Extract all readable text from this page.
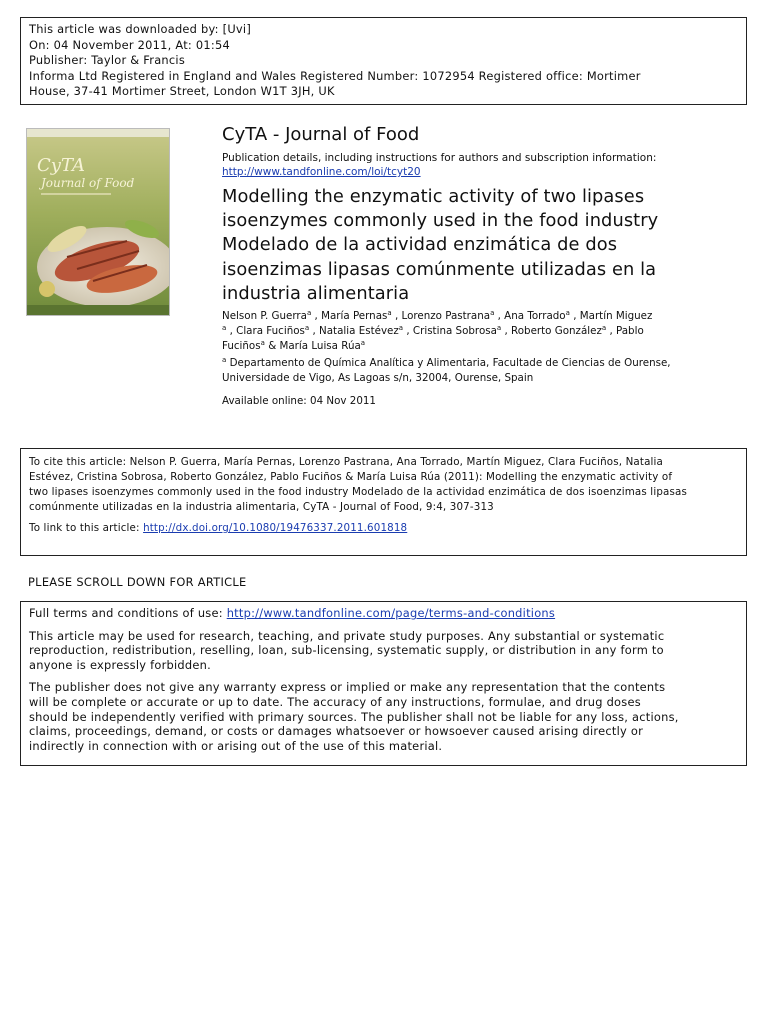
This article was downloaded by: [Uvi]
On: 04 November 2011, At: 01:54
Publisher: Taylor & Francis
Informa Ltd Registered in England and Wales Registered Number: 1072954 Registered office: Mortimer
House, 37-41 Mortimer Street, London W1T 3JH, UK
CyTA
Journal of Food
CyTA - Journal of Food
Publication details, including instructions for authors and subscription information:
http://www.tandfonline.com/loi/tcyt20
Modelling the enzymatic activity of two lipases
isoenzymes commonly used in the food industry
Modelado de la actividad enzimática de dos
isoenzimas lipasas comúnmente utilizadas en la
industria alimentaria
Nelson P. Guerra$^a$ , María Pernas$^a$ , Lorenzo Pastrana$^a$ , Ana Torrado$^a$ , Martín Miguez
$^a$ , Clara Fuciños$^a$ , Natalia Estévez$^a$ , Cristina Sobrosa$^a$ , Roberto González$^a$ , Pablo
Fuciños$^a$ & María Luisa Rúa$^a$
$^a$ Departamento de Química Analítica y Alimentaria, Facultade de Ciencias de Ourense,
Universidade de Vigo, As Lagoas s/n, 32004, Ourense, Spain
Available online: 04 Nov 2011
To cite this article: Nelson P. Guerra, María Pernas, Lorenzo Pastrana, Ana Torrado, Martín Miguez, Clara Fuciños, Natalia
Estévez, Cristina Sobrosa, Roberto González, Pablo Fuciños & María Luisa Rúa (2011): Modelling the enzymatic activity of
two lipases isoenzymes commonly used in the food industry Modelado de la actividad enzimática de dos isoenzimas lipasas
comúnmente utilizadas en la industria alimentaria, CyTA - Journal of Food, 9:4, 307-313
To link to this article: http://dx.doi.org/10.1080/19476337.2011.601818
PLEASE SCROLL DOWN FOR ARTICLE
Full terms and conditions of use: http://www.tandfonline.com/page/terms-and-conditions
This article may be used for research, teaching, and private study purposes. Any substantial or systematic
reproduction, redistribution, reselling, loan, sub-licensing, systematic supply, or distribution in any form to
anyone is expressly forbidden.
The publisher does not give any warranty express or implied or make any representation that the contents
will be complete or accurate or up to date. The accuracy of any instructions, formulae, and drug doses
should be independently verified with primary sources. The publisher shall not be liable for any loss, actions,
claims, proceedings, demand, or costs or damages whatsoever or howsoever caused arising directly or
indirectly in connection with or arising out of the use of this material.
